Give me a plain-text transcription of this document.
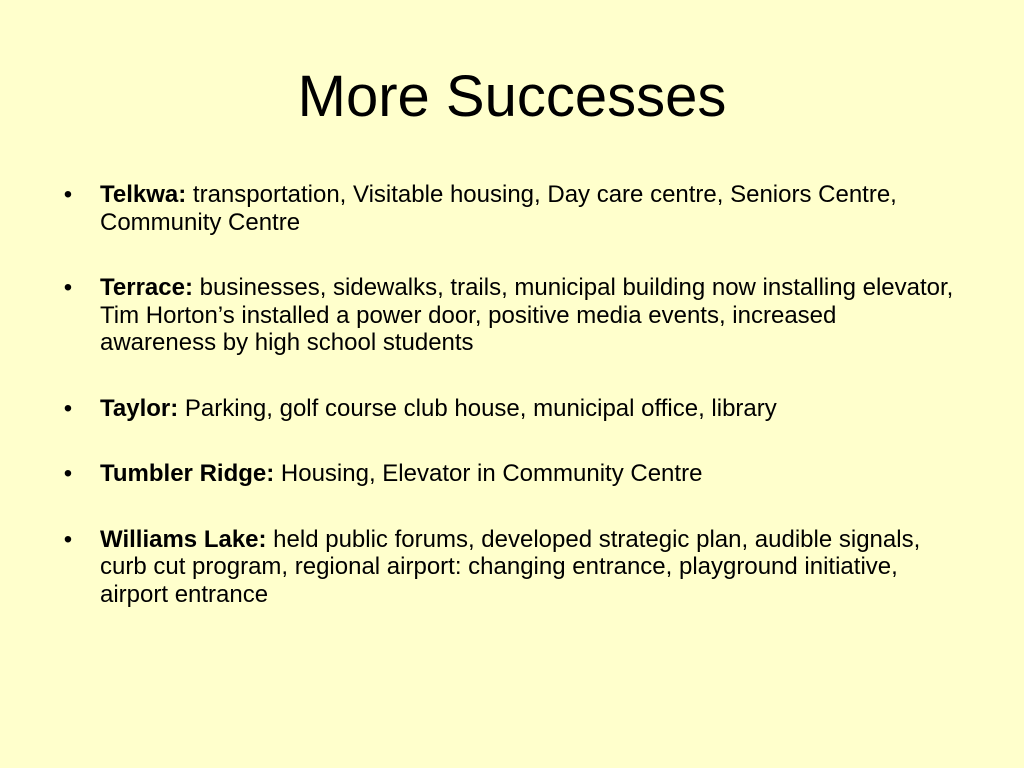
More Successes
• Telkwa: transportation, Visitable housing, Day care centre, Seniors Centre, Community Centre
• Terrace: businesses, sidewalks, trails, municipal building now installing elevator, Tim Horton’s installed a power door, positive media events, increased awareness by high school students
• Taylor: Parking, golf course club house, municipal office, library
• Tumbler Ridge: Housing, Elevator in Community Centre
• Williams Lake: held public forums, developed strategic plan, audible signals, curb cut program, regional airport: changing entrance, playground initiative, airport entrance
